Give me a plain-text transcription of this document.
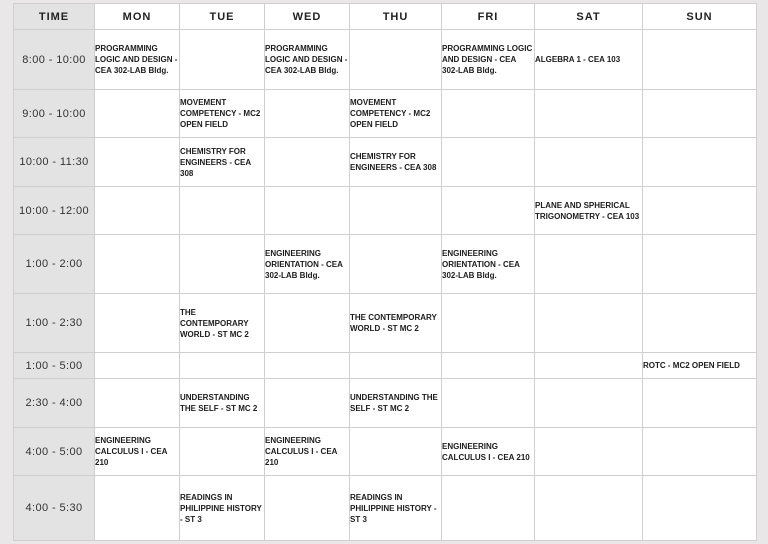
TIME	MON	TUE	WED	THU	FRI	SAT	SUN
8:00 - 10:00	PROGRAMMING LOGIC AND DESIGN - CEA 302-LAB Bldg.		PROGRAMMING LOGIC AND DESIGN - CEA 302-LAB Bldg.		PROGRAMMING LOGIC AND DESIGN - CEA 302-LAB Bldg.	ALGEBRA 1 - CEA 103	
9:00 - 10:00		MOVEMENT COMPETENCY - MC2 OPEN FIELD		MOVEMENT COMPETENCY - MC2 OPEN FIELD			
10:00 - 11:30		CHEMISTRY FOR ENGINEERS - CEA 308		CHEMISTRY FOR ENGINEERS - CEA 308			
10:00 - 12:00						PLANE AND SPHERICAL TRIGONOMETRY - CEA 103	
1:00 - 2:00			ENGINEERING ORIENTATION - CEA 302-LAB Bldg.		ENGINEERING ORIENTATION - CEA 302-LAB Bldg.		
1:00 - 2:30		THE CONTEMPORARY WORLD - ST MC 2		THE CONTEMPORARY WORLD - ST MC 2			
1:00 - 5:00							ROTC - MC2 OPEN FIELD
2:30 - 4:00		UNDERSTANDING THE SELF - ST MC 2		UNDERSTANDING THE SELF - ST MC 2			
4:00 - 5:00	ENGINEERING CALCULUS I - CEA 210		ENGINEERING CALCULUS I - CEA 210		ENGINEERING CALCULUS I - CEA 210		
4:00 - 5:30		READINGS IN PHILIPPINE HISTORY - ST 3		READINGS IN PHILIPPINE HISTORY - ST 3			
